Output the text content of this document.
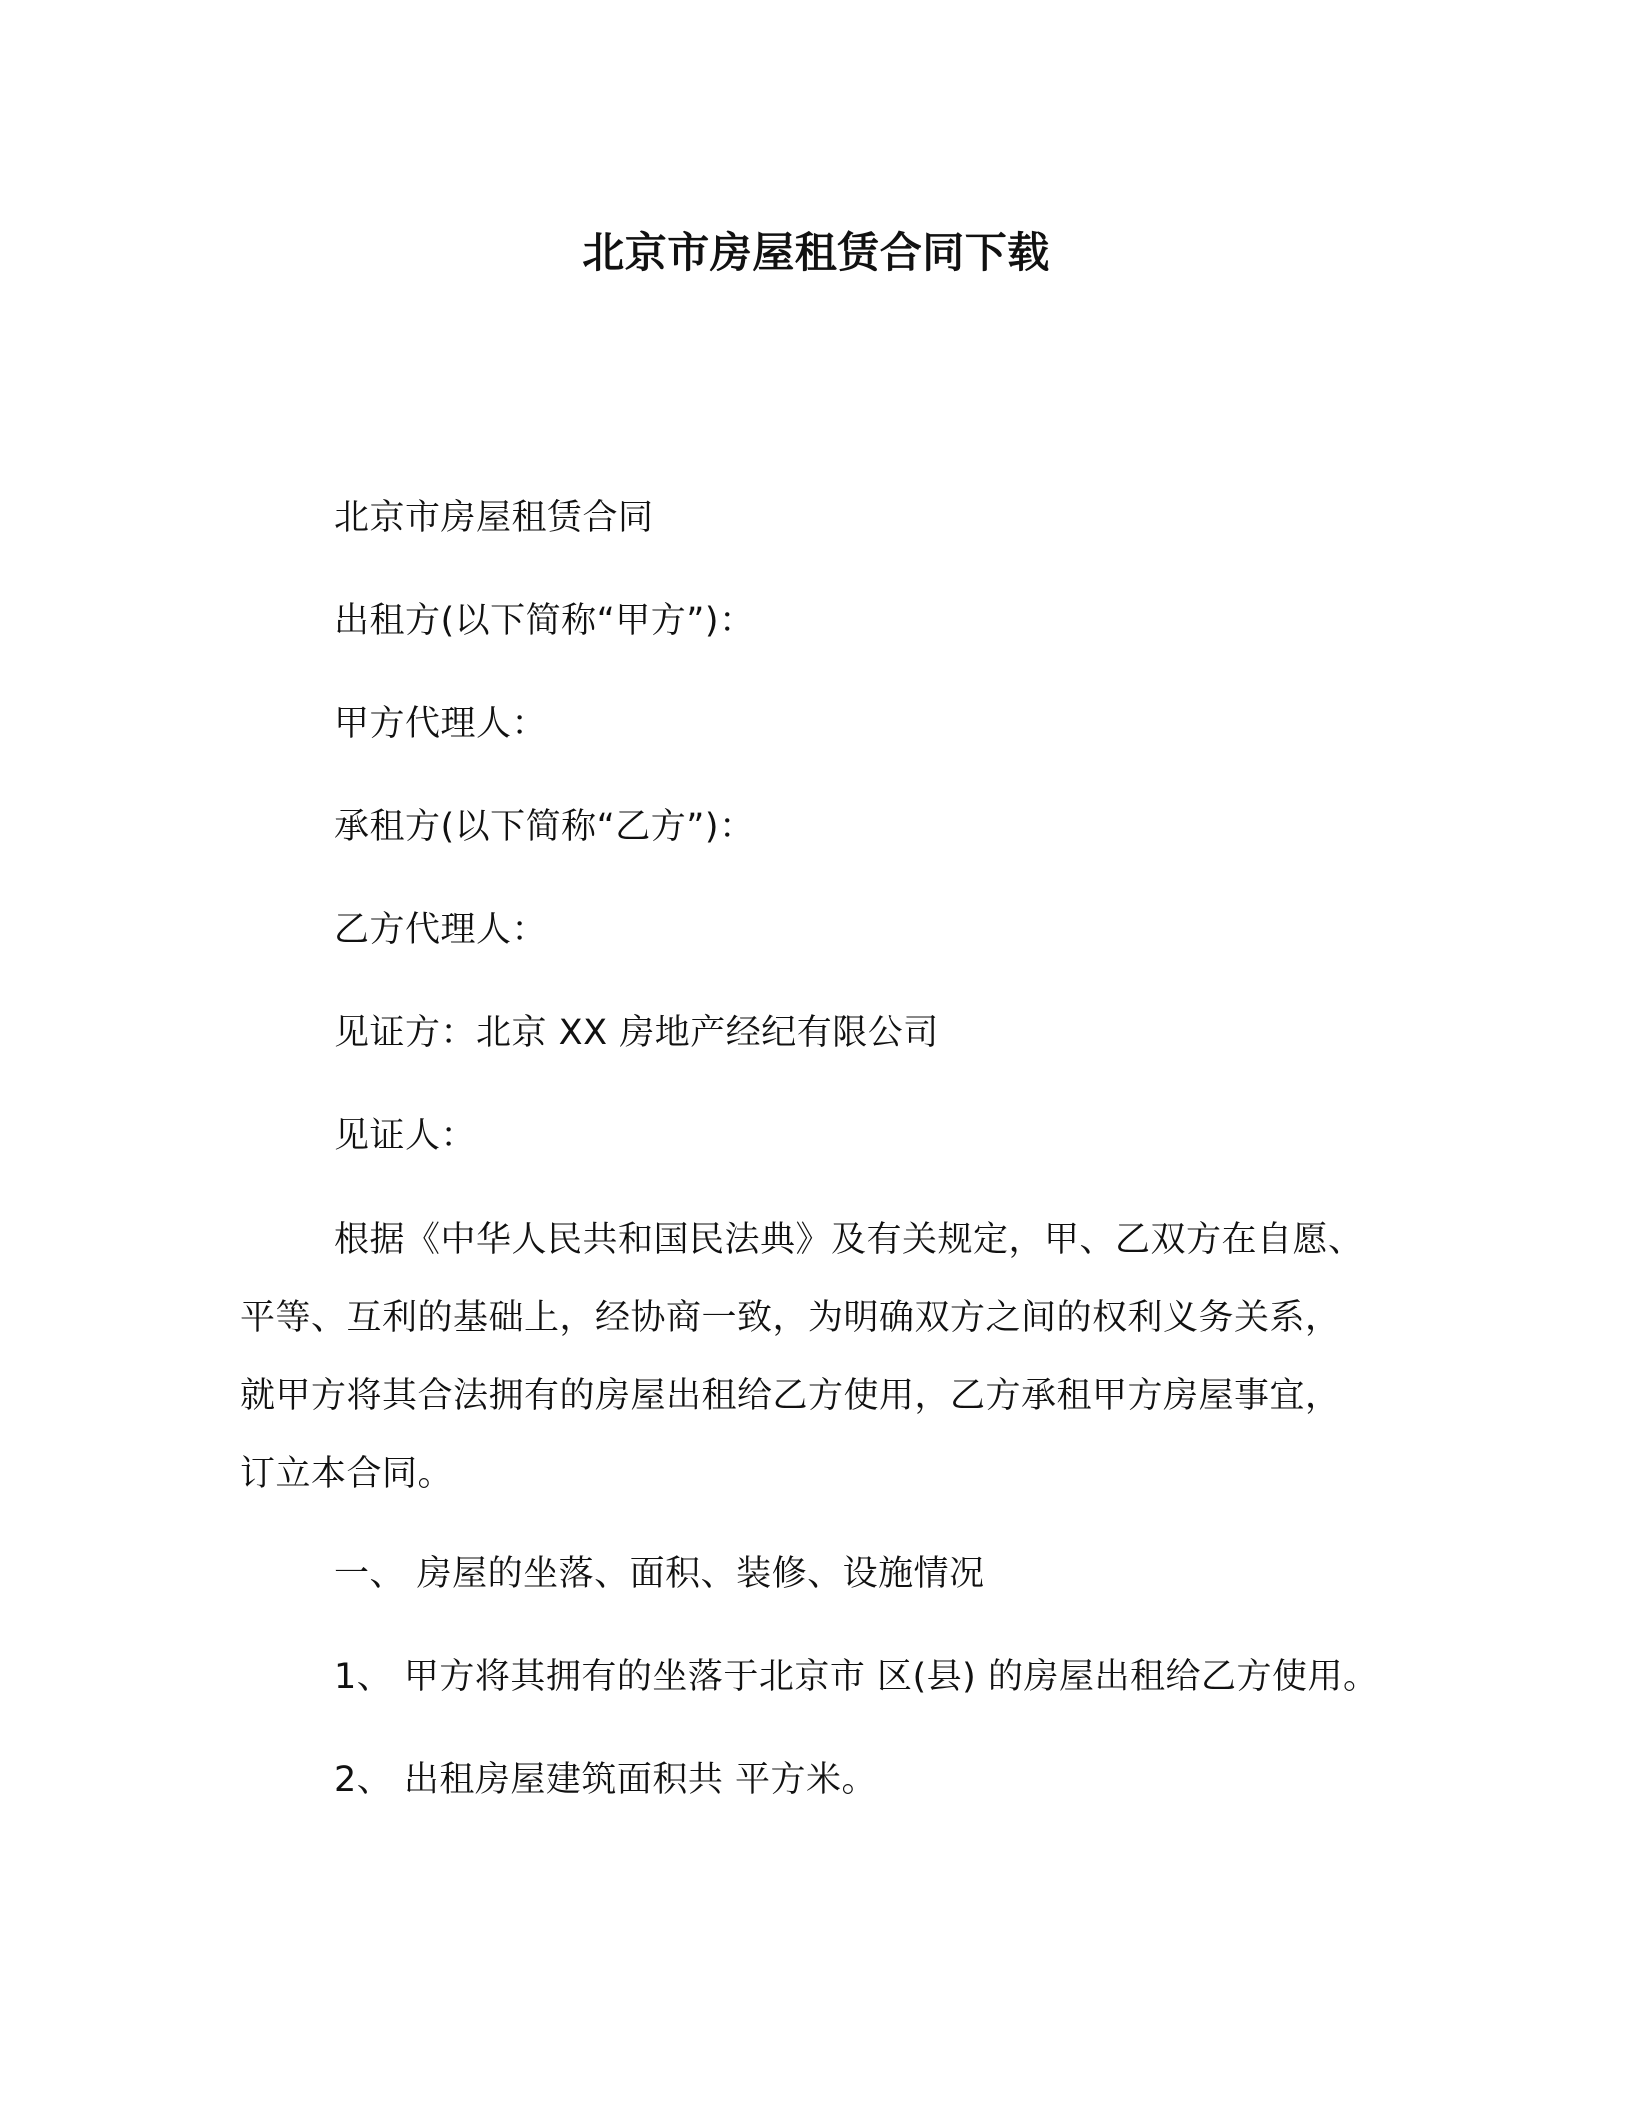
北京市房屋租赁合同下载
北京市房屋租赁合同
出租方(以下简称“甲方”)：
甲方代理人：
承租方(以下简称“乙方”)：
乙方代理人：
见证方：北京 XX 房地产经纪有限公司
见证人：
根据《中华人民共和国民法典》及有关规定，甲、乙双方在自愿、
平等、互利的基础上，经协商一致，为明确双方之间的权利义务关系，
就甲方将其合法拥有的房屋出租给乙方使用，乙方承租甲方房屋事宜，
订立本合同。
一、 房屋的坐落、面积、装修、设施情况
1、 甲方将其拥有的坐落于北京市 区(县) 的房屋出租给乙方使用。
2、 出租房屋建筑面积共 平方米。
